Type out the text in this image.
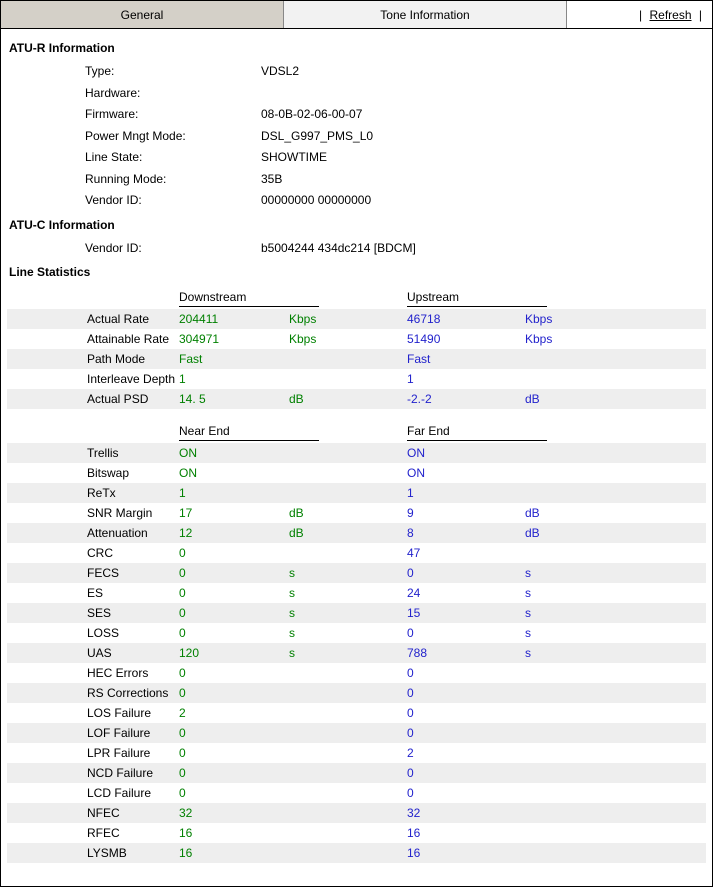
General	Tone Information	| Refresh |
ATU-R Information
Type:	VDSL2
Hardware:	
Firmware:	08-0B-02-06-00-07
Power Mngt Mode:	DSL_G997_PMS_L0
Line State:	SHOWTIME
Running Mode:	35B
Vendor ID:	00000000 00000000
ATU-C Information
Vendor ID:	b5004244 434dc214 [BDCM]
Line Statistics
	Downstream		Upstream	
Actual Rate	204411	Kbps	46718	Kbps
Attainable Rate	304971	Kbps	51490	Kbps
Path Mode	Fast		Fast	
Interleave Depth	1		1	
Actual PSD	14. 5	dB	-2.-2	dB

	Near End		Far End	
Trellis	ON		ON	
Bitswap	ON		ON	
ReTx	1		1	
SNR Margin	17	dB	9	dB
Attenuation	12	dB	8	dB
CRC	0		47	
FECS	0	s	0	s
ES	0	s	24	s
SES	0	s	15	s
LOSS	0	s	0	s
UAS	120	s	788	s
HEC Errors	0		0	
RS Corrections	0		0	
LOS Failure	2		0	
LOF Failure	0		0	
LPR Failure	0		2	
NCD Failure	0		0	
LCD Failure	0		0	
NFEC	32		32	
RFEC	16		16	
LYSMB	16		16	
